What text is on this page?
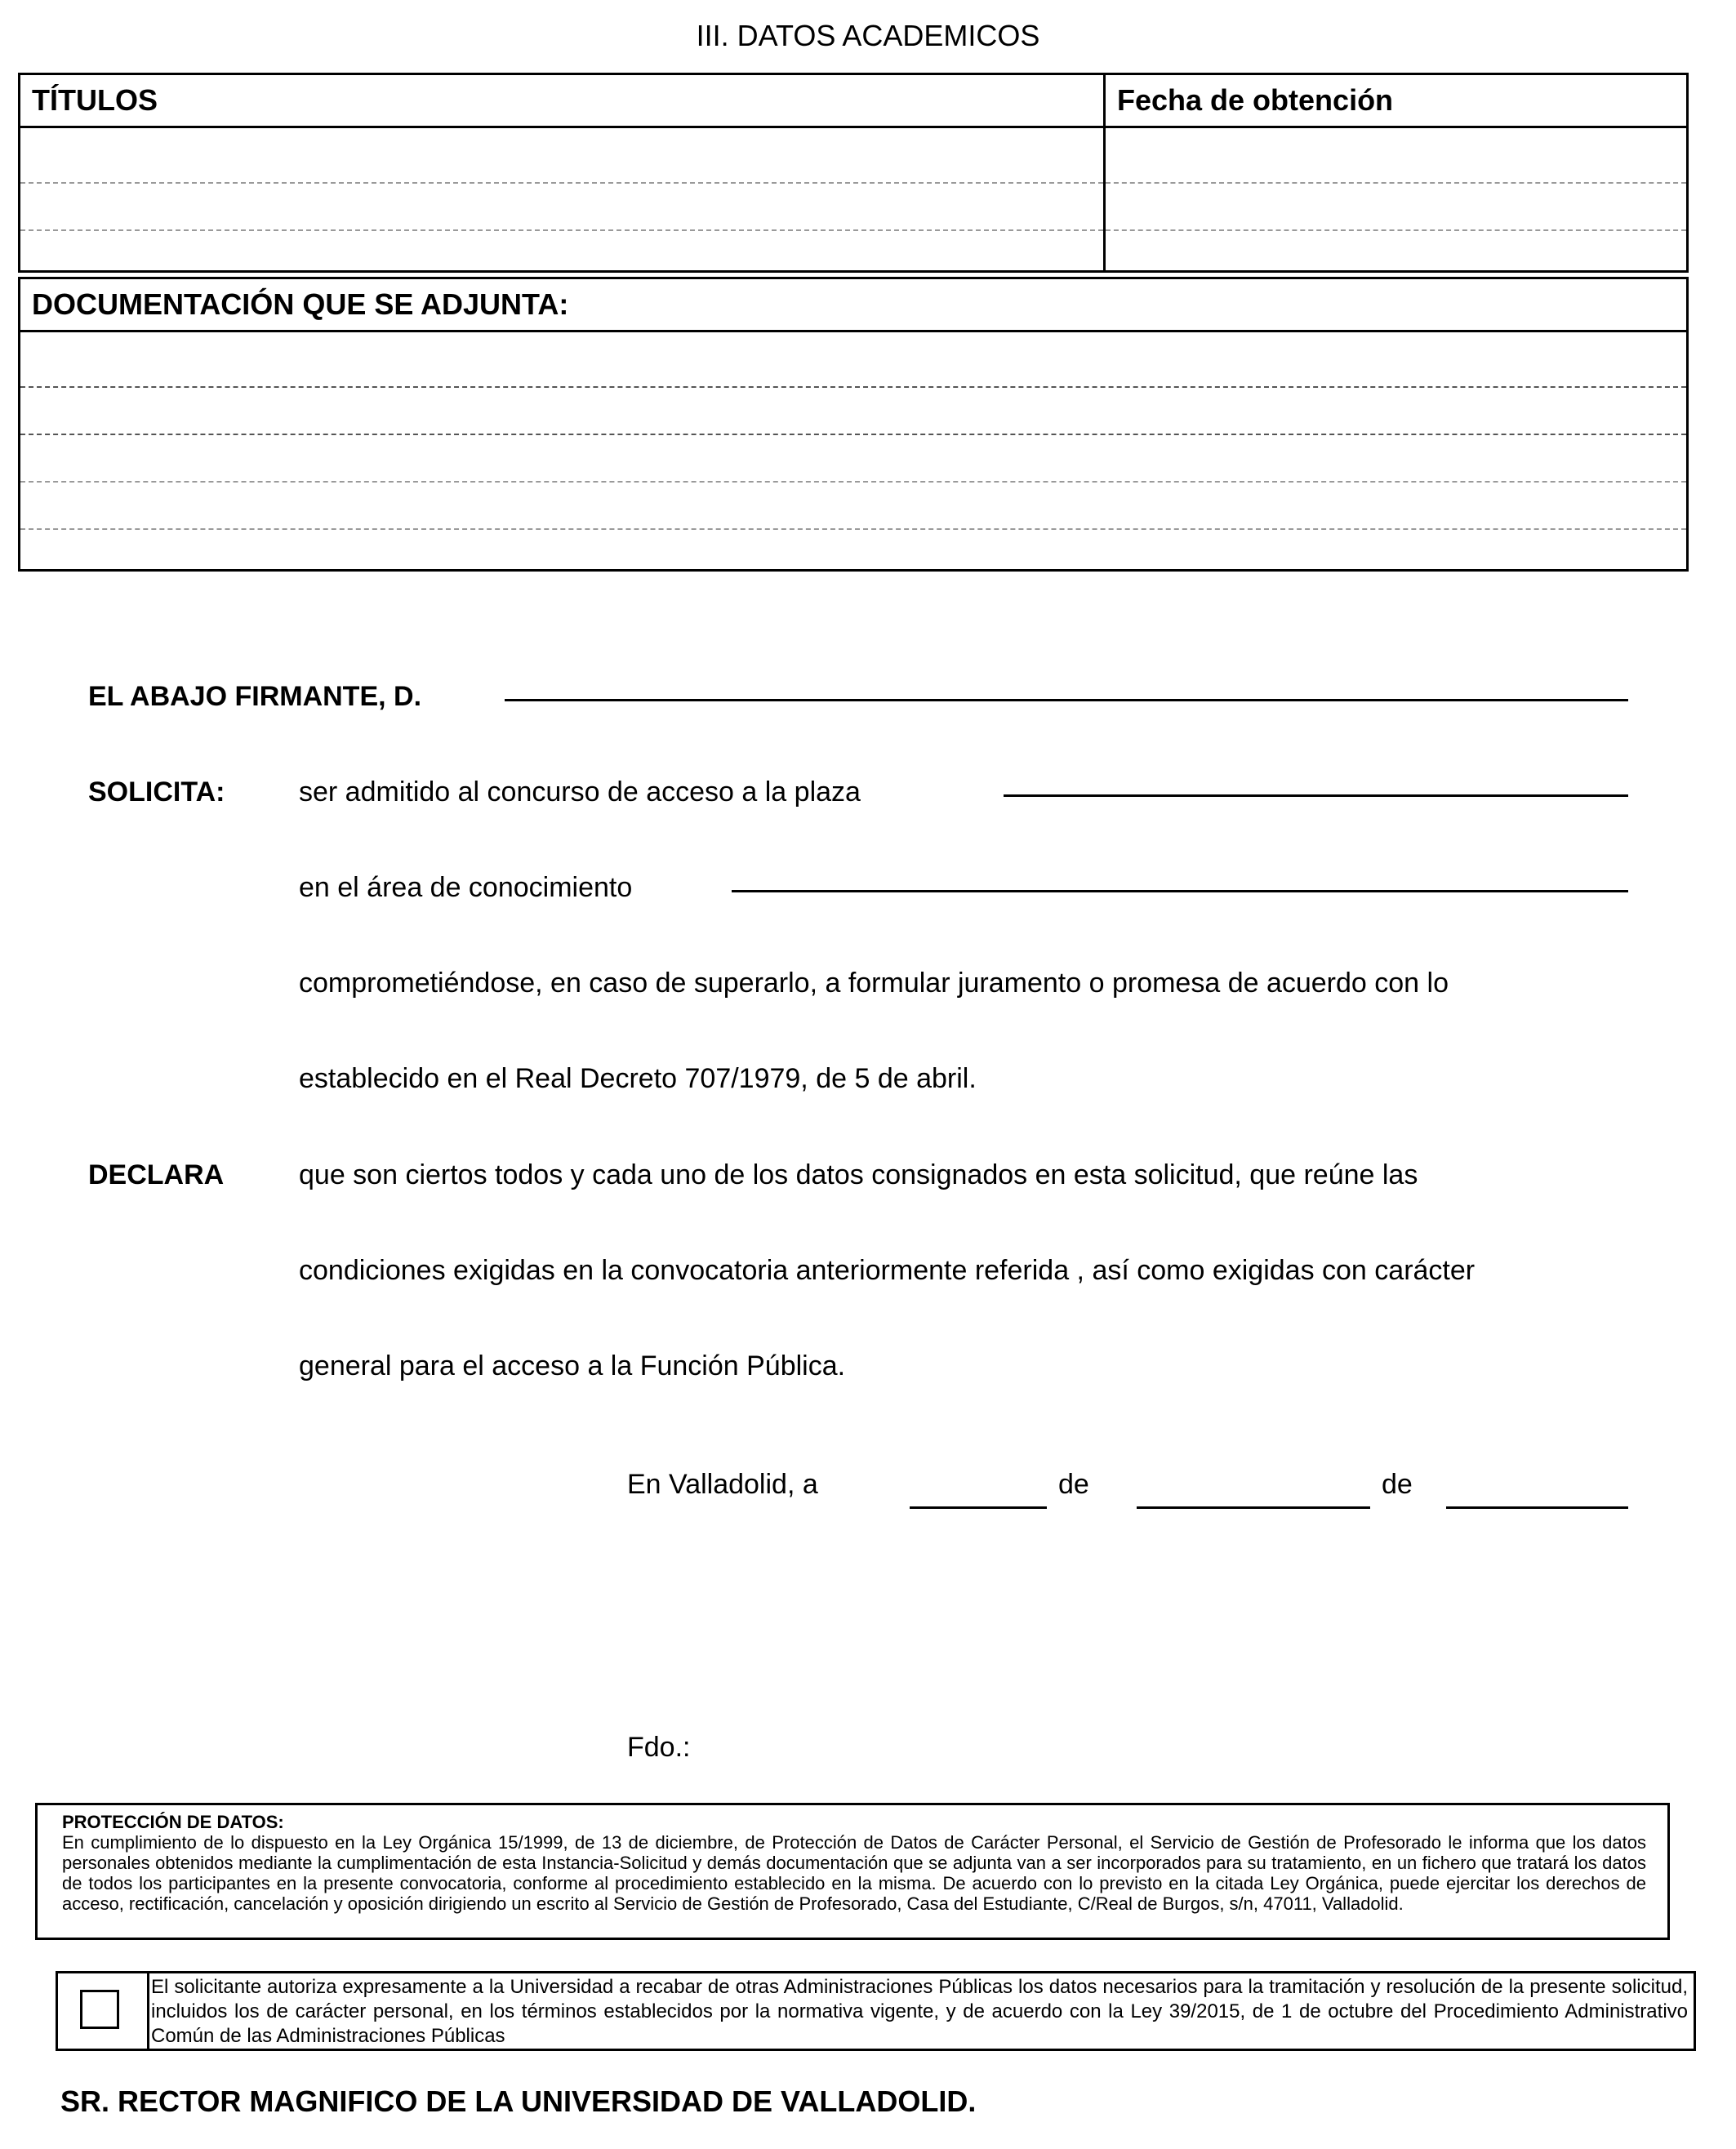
III. DATOS ACADEMICOS
TÍTULOS	Fecha de obtención

DOCUMENTACIÓN QUE SE ADJUNTA:

EL ABAJO FIRMANTE, D.
SOLICITA:	ser admitido al concurso de acceso a la plaza
en el área de conocimiento
comprometiéndose, en caso de superarlo, a formular juramento o promesa de acuerdo con lo
establecido en el Real Decreto 707/1979, de 5 de abril.
DECLARA	que son ciertos todos y cada uno de los datos consignados en esta solicitud, que reúne las
condiciones exigidas en la convocatoria anteriormente referida , así como exigidas con carácter
general para el acceso a la Función Pública.
En Valladolid, a	de	de
Fdo.:
PROTECCIÓN DE DATOS:
En cumplimiento de lo dispuesto en la Ley Orgánica 15/1999, de 13 de diciembre, de Protección de Datos de Carácter Personal, el Servicio de Gestión de Profesorado le informa que los datos personales obtenidos mediante la cumplimentación de esta Instancia-Solicitud y demás documentación que se adjunta van a ser incorporados para su tratamiento, en un fichero que tratará los datos de todos los participantes en la presente convocatoria, conforme al procedimiento establecido en la misma. De acuerdo con lo previsto en la citada Ley Orgánica, puede ejercitar los derechos de acceso, rectificación, cancelación y oposición dirigiendo un escrito al Servicio de Gestión de Profesorado, Casa del Estudiante, C/Real de Burgos, s/n, 47011, Valladolid.
El solicitante autoriza expresamente a la Universidad a recabar de otras Administraciones Públicas los datos necesarios para la tramitación y resolución de la presente solicitud, incluidos los de carácter personal, en los términos establecidos por la normativa vigente, y de acuerdo con la Ley 39/2015, de 1 de octubre del Procedimiento Administrativo Común de las Administraciones Públicas
SR. RECTOR MAGNIFICO DE LA UNIVERSIDAD DE VALLADOLID.
